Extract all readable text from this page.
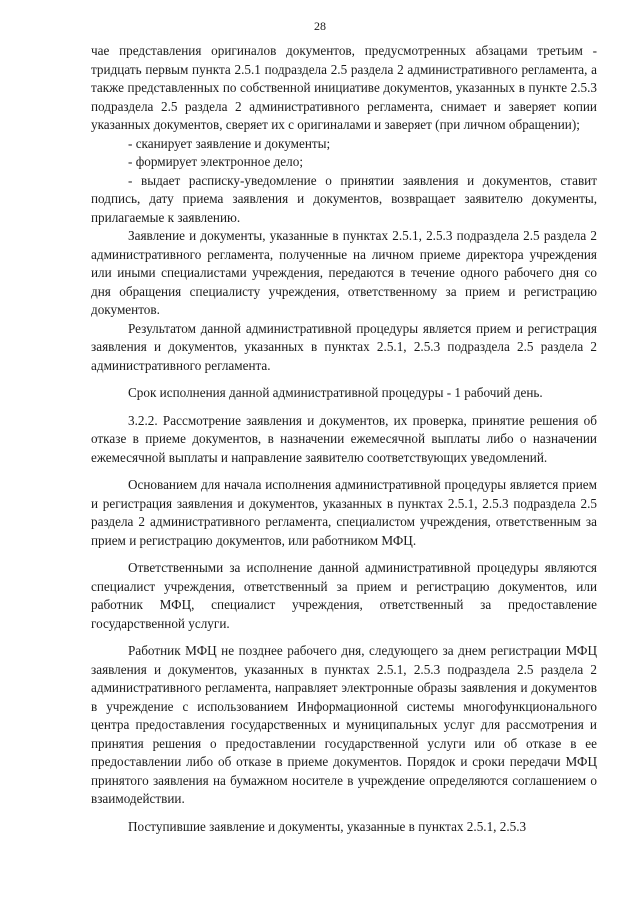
28

чае представления оригиналов документов, предусмотренных абзацами третьим - тридцать первым пункта 2.5.1 подраздела 2.5 раздела 2 административного регламента, а также представленных по собственной инициативе документов, указанных в пункте 2.5.3 подраздела 2.5 раздела 2 административного регламента, снимает и заверяет копии указанных документов, сверяет их с оригиналами и заверяет (при личном обращении);

- сканирует заявление и документы;

- формирует электронное дело;

- выдает расписку-уведомление о принятии заявления и документов, ставит подпись, дату приема заявления и документов, возвращает заявителю документы, прилагаемые к заявлению.

Заявление и документы, указанные в пунктах 2.5.1, 2.5.3 подраздела 2.5 раздела 2 административного регламента, полученные на личном приеме директора учреждения или иными специалистами учреждения, передаются в течение одного рабочего дня со дня обращения специалисту учреждения, ответственному за прием и регистрацию документов.

Результатом данной административной процедуры является прием и регистрация заявления и документов, указанных в пунктах 2.5.1, 2.5.3 подраздела 2.5 раздела 2 административного регламента.

Срок исполнения данной административной процедуры - 1 рабочий день.

3.2.2. Рассмотрение заявления и документов, их проверка, принятие решения об отказе в приеме документов, в назначении ежемесячной выплаты либо о назначении ежемесячной выплаты и направление заявителю соответствующих уведомлений.

Основанием для начала исполнения административной процедуры является прием и регистрация заявления и документов, указанных в пунктах 2.5.1, 2.5.3 подраздела 2.5 раздела 2 административного регламента, специалистом учреждения, ответственным за прием и регистрацию документов, или работником МФЦ.

Ответственными за исполнение данной административной процедуры являются специалист учреждения, ответственный за прием и регистрацию документов, или работник МФЦ, специалист учреждения, ответственный за предоставление государственной услуги.

Работник МФЦ не позднее рабочего дня, следующего за днем регистрации МФЦ заявления и документов, указанных в пунктах 2.5.1, 2.5.3 подраздела 2.5 раздела 2 административного регламента, направляет электронные образы заявления и документов в учреждение с использованием Информационной системы многофункционального центра предоставления государственных и муниципальных услуг для рассмотрения и принятия решения о предоставлении государственной услуги или об отказе в ее предоставлении либо об отказе в приеме документов. Порядок и сроки передачи МФЦ принятого заявления на бумажном носителе в учреждение определяются соглашением о взаимодействии.

Поступившие заявление и документы, указанные в пунктах 2.5.1, 2.5.3
